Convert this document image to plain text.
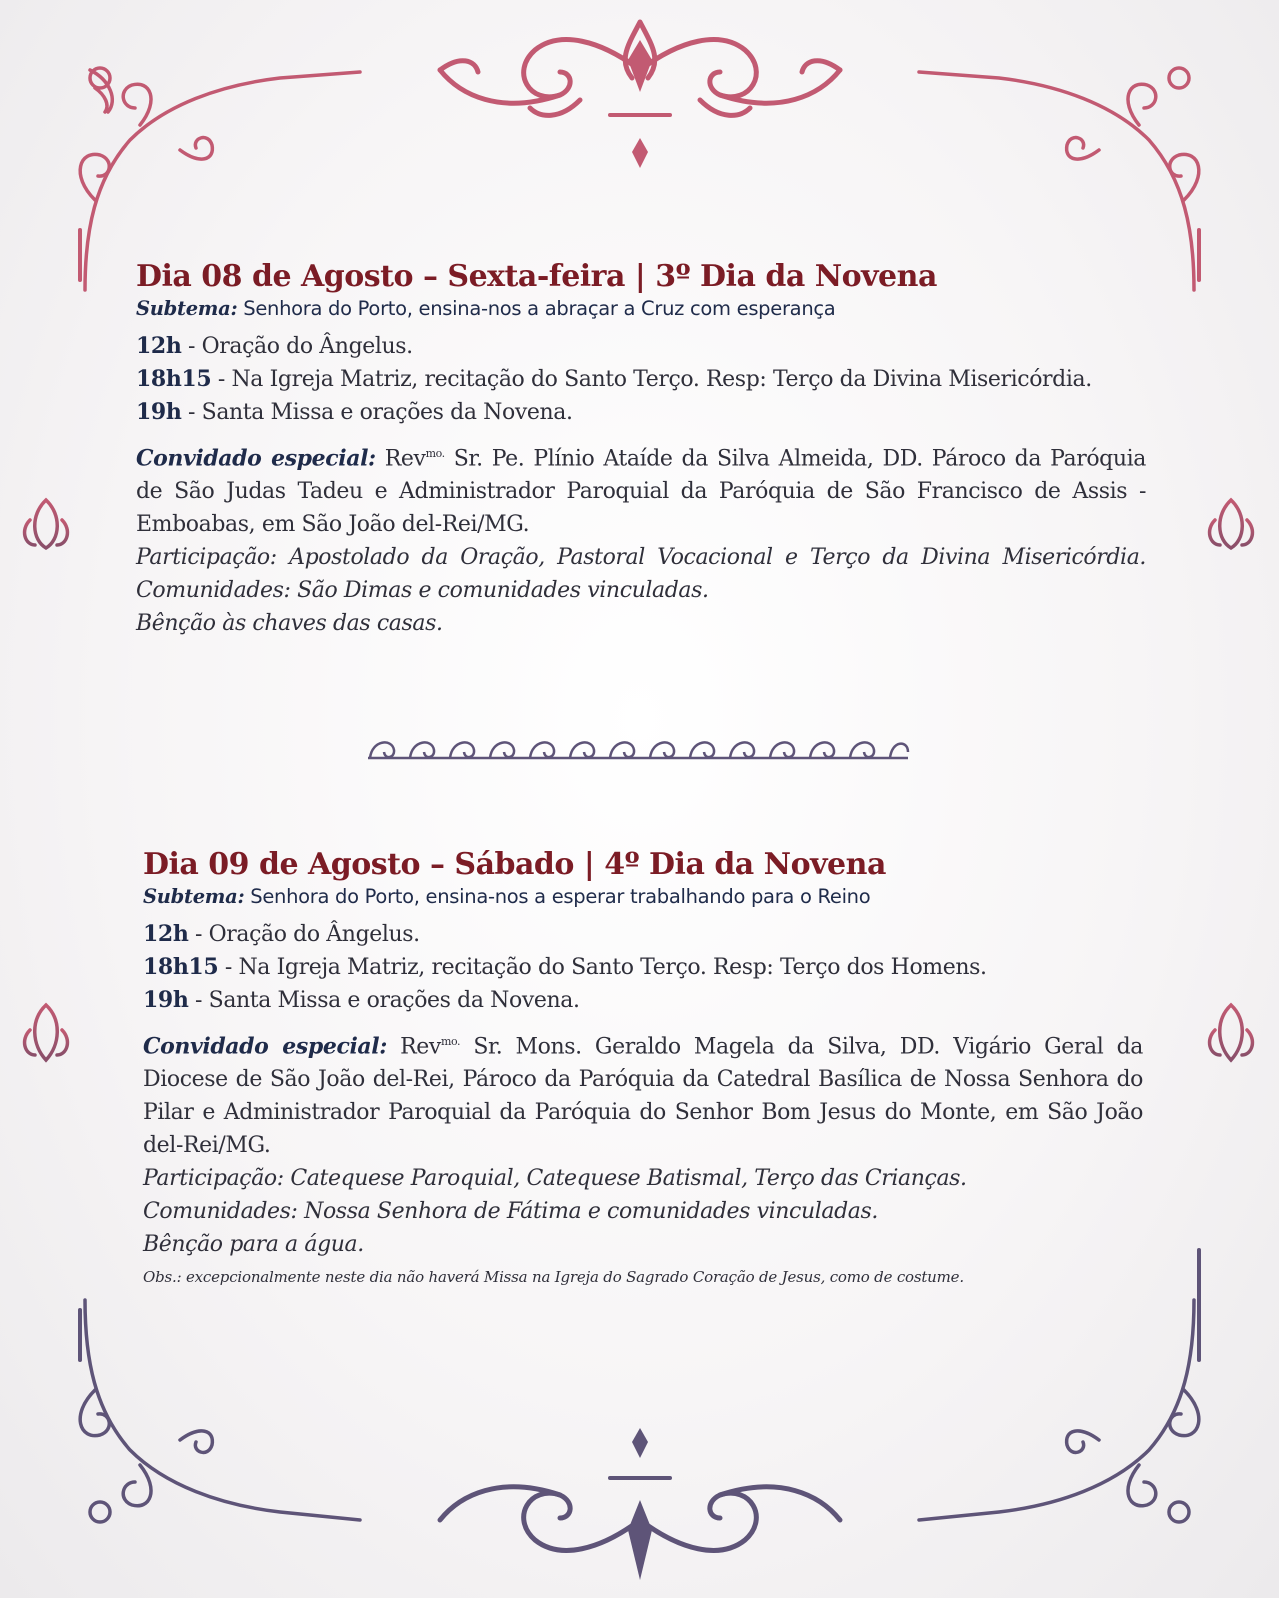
Dia 08 de Agosto – Sexta-feira | 3º Dia da Novena

Subtema: Senhora do Porto, ensina-nos a abraçar a Cruz com esperança

12h - Oração do Ângelus.

18h15 - Na Igreja Matriz, recitação do Santo Terço. Resp: Terço da Divina Misericórdia.

19h - Santa Missa e orações da Novena.

Convidado especial: Rev$^{mo.}$ Sr. Pe. Plínio Ataíde da Silva Almeida, DD. Pároco da Paróquia de São Judas Tadeu e Administrador Paroquial da Paróquia de São Francisco de Assis - Emboabas, em São João del-Rei/MG.

Participação: Apostolado da Oração, Pastoral Vocacional e Terço da Divina Misericórdia. Comunidades: São Dimas e comunidades vinculadas.

Bênção às chaves das casas.

Dia 09 de Agosto – Sábado | 4º Dia da Novena

Subtema: Senhora do Porto, ensina-nos a esperar trabalhando para o Reino

12h - Oração do Ângelus.

18h15 - Na Igreja Matriz, recitação do Santo Terço. Resp: Terço dos Homens.

19h - Santa Missa e orações da Novena.

Convidado especial: Rev$^{mo.}$ Sr. Mons. Geraldo Magela da Silva, DD. Vigário Geral da Diocese de São João del-Rei, Pároco da Paróquia da Catedral Basílica de Nossa Senhora do Pilar e Administrador Paroquial da Paróquia do Senhor Bom Jesus do Monte, em São João del-Rei/MG.

Participação: Catequese Paroquial, Catequese Batismal, Terço das Crianças.

Comunidades: Nossa Senhora de Fátima e comunidades vinculadas.

Bênção para a água.

Obs.: excepcionalmente neste dia não haverá Missa na Igreja do Sagrado Coração de Jesus, como de costume.
